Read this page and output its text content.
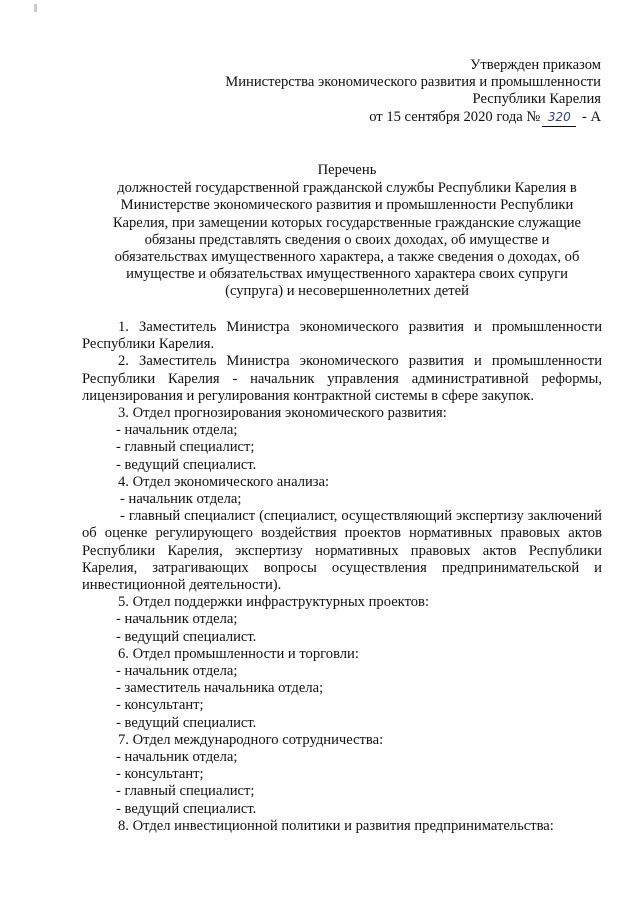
Утвержден приказом
Министерства экономического развития и промышленности
Республики Карелия
от 15 сентября 2020 года № 320 - А
Перечень
должностей государственной гражданской службы Республики Карелия в Министерстве экономического развития и промышленности Республики Карелия, при замещении которых государственные гражданские служащие обязаны представлять сведения о своих доходах, об имуществе и обязательствах имущественного характера, а также сведения о доходах, об имуществе и обязательствах имущественного характера своих супруги (супруга) и несовершеннолетних детей
1. Заместитель Министра экономического развития и промышленности Республики Карелия.
2. Заместитель Министра экономического развития и промышленности Республики Карелия - начальник управления административной реформы, лицензирования и регулирования контрактной системы в сфере закупок.
3. Отдел прогнозирования экономического развития:
- начальник отдела;
- главный специалист;
- ведущий специалист.
4. Отдел экономического анализа:
- начальник отдела;
- главный специалист (специалист, осуществляющий экспертизу заключений об оценке регулирующего воздействия проектов нормативных правовых актов Республики Карелия, экспертизу нормативных правовых актов Республики Карелия, затрагивающих вопросы осуществления предпринимательской и инвестиционной деятельности).
5. Отдел поддержки инфраструктурных проектов:
- начальник отдела;
- ведущий специалист.
6. Отдел промышленности и торговли:
- начальник отдела;
- заместитель начальника отдела;
- консультант;
- ведущий специалист.
7. Отдел международного сотрудничества:
- начальник отдела;
- консультант;
- главный специалист;
- ведущий специалист.
8. Отдел инвестиционной политики и развития предпринимательства:
